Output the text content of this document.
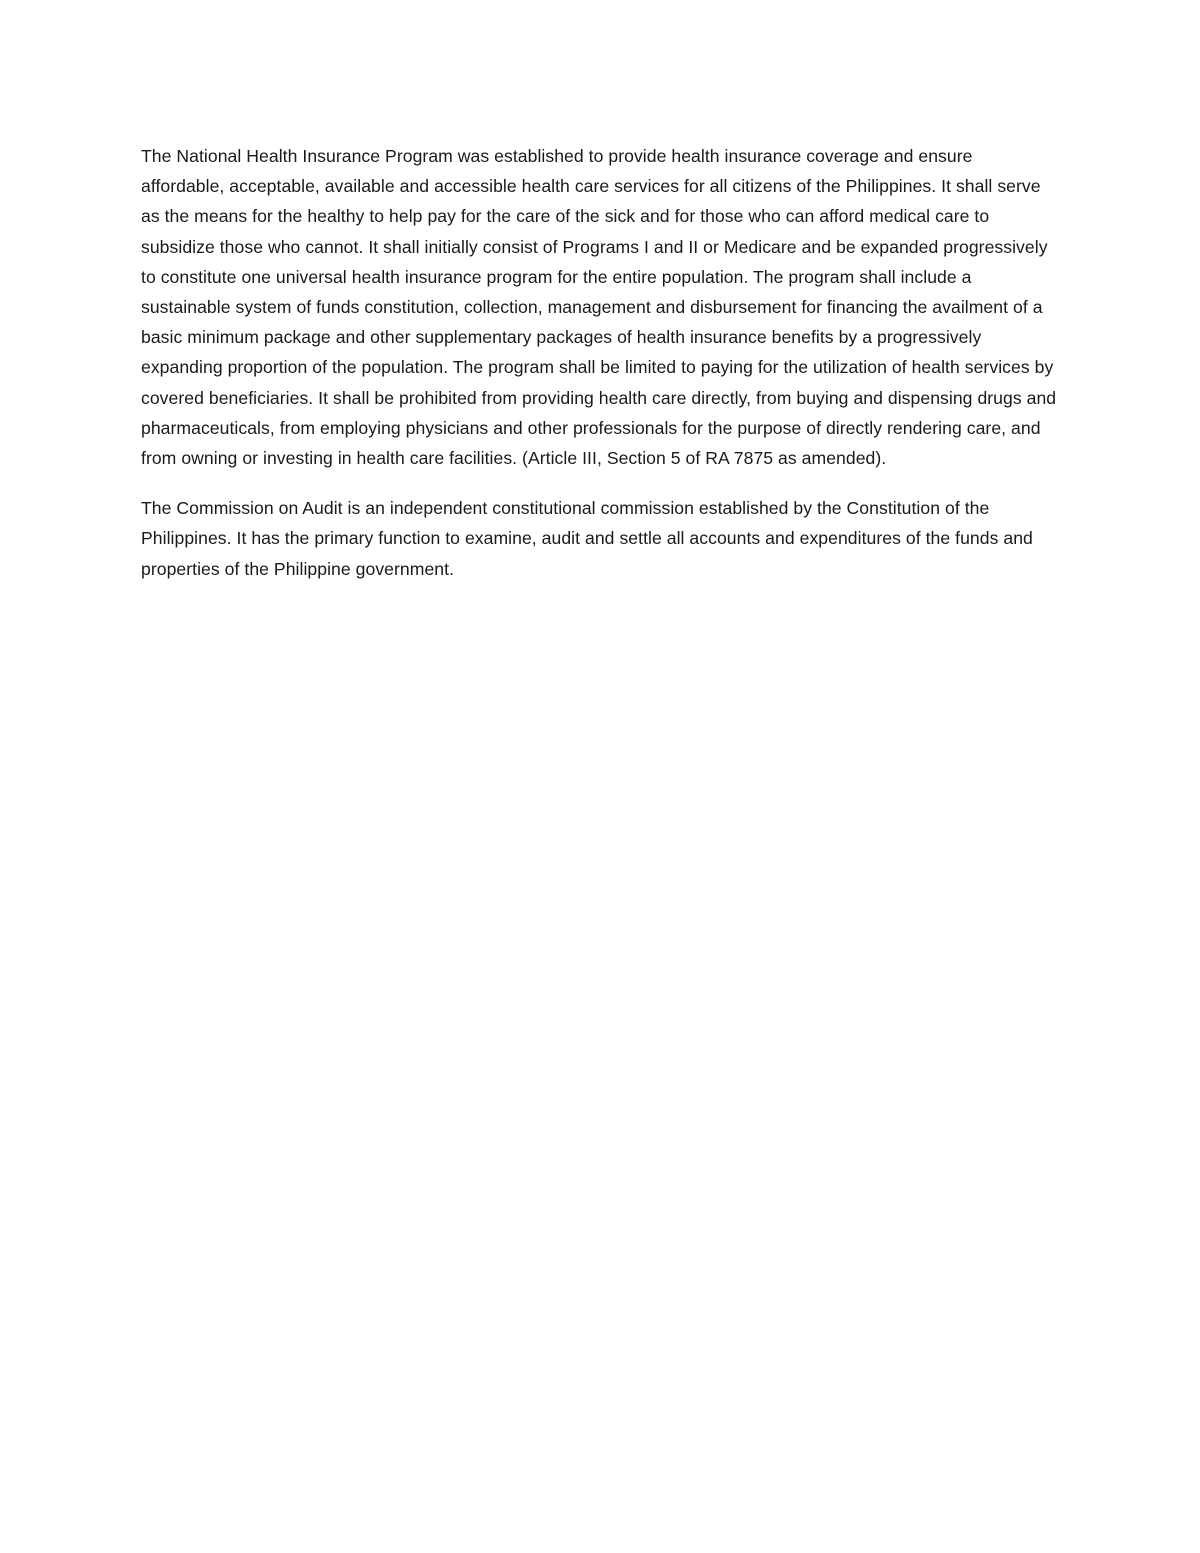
The National Health Insurance Program was established to provide health insurance coverage and ensure affordable, acceptable, available and accessible health care services for all citizens of the Philippines. It shall serve as the means for the healthy to help pay for the care of the sick and for those who can afford medical care to subsidize those who cannot. It shall initially consist of Programs I and II or Medicare and be expanded progressively to constitute one universal health insurance program for the entire population. The program shall include a sustainable system of funds constitution, collection, management and disbursement for financing the availment of a basic minimum package and other supplementary packages of health insurance benefits by a progressively expanding proportion of the population. The program shall be limited to paying for the utilization of health services by covered beneficiaries. It shall be prohibited from providing health care directly, from buying and dispensing drugs and pharmaceuticals, from employing physicians and other professionals for the purpose of directly rendering care, and from owning or investing in health care facilities. (Article III, Section 5 of RA 7875 as amended).

The Commission on Audit is an independent constitutional commission established by the Constitution of the Philippines. It has the primary function to examine, audit and settle all accounts and expenditures of the funds and properties of the Philippine government.
